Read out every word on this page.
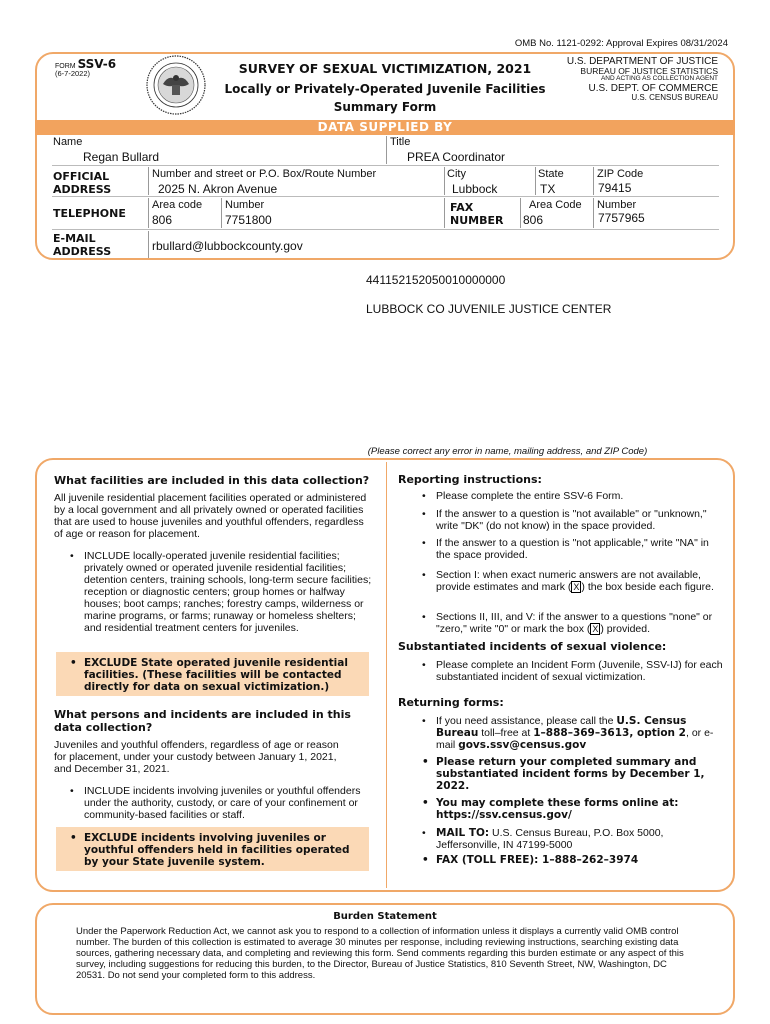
OMB No. 1121-0292: Approval Expires 08/31/2024
FORM SSV-6
(6-7-2022)	SURVEY OF SEXUAL VICTIMIZATION, 2021
Locally or Privately-Operated Juvenile Facilities
Summary Form
U.S. DEPARTMENT OF JUSTICE
BUREAU OF JUSTICE STATISTICS
AND ACTING AS COLLECTION AGENT
U.S. DEPT. OF COMMERCE
U.S. CENSUS BUREAU
DATA SUPPLIED BY
Name
Regan Bullard
Title
PREA Coordinator
OFFICIAL
ADDRESS
Number and street or P.O. Box/Route Number
2025 N. Akron Avenue
City
Lubbock
State
TX
ZIP Code
79415
TELEPHONE
Area code
806
Number
7751800
FAX
NUMBER
Area Code
806
Number
7757965
E-MAIL
ADDRESS	rbullard@lubbockcounty.gov
441152152050010000000
LUBBOCK CO JUVENILE JUSTICE CENTER
(Please correct any error in name, mailing address, and ZIP Code)
What facilities are included in this data collection?
All juvenile residential placement facilities operated or administered by a local government and all privately owned or operated facilities that are used to house juveniles and youthful offenders, regardless of age or reason for placement.
• INCLUDE locally-operated juvenile residential facilities; privately owned or operated juvenile residential facilities; detention centers, training schools, long-term secure facilities; reception or diagnostic centers; group homes or halfway houses; boot camps; ranches; forestry camps, wilderness or marine programs, or farms; runaway or homeless shelters; and residential treatment centers for juveniles.
• EXCLUDE State operated juvenile residential facilities. (These facilities will be contacted directly for data on sexual victimization.)
What persons and incidents are included in this data collection?
Juveniles and youthful offenders, regardless of age or reason for placement, under your custody between January 1, 2021, and December 31, 2021.
• INCLUDE incidents involving juveniles or youthful offenders under the authority, custody, or care of your confinement or community-based facilities or staff.
• EXCLUDE incidents involving juveniles or youthful offenders held in facilities operated by your State juvenile system.
Reporting instructions:
• Please complete the entire SSV-6 Form.
• If the answer to a question is "not available" or "unknown," write "DK" (do not know) in the space provided.
• If the answer to a question is "not applicable," write "NA" in the space provided.
• Section I: when exact numeric answers are not available, provide estimates and mark ( X ) the box beside each figure.
• Sections II, III, and V: if the answer to a questions "none" or "zero," write "0" or mark the box ( X ) provided.
Substantiated incidents of sexual violence:
• Please complete an Incident Form (Juvenile, SSV-IJ) for each substantiated incident of sexual victimization.
Returning forms:
• If you need assistance, please call the U.S. Census Bureau toll–free at 1–888–369–3613, option 2, or e-mail govs.ssv@census.gov
• Please return your completed summary and substantiated incident forms by December 1, 2022.
• You may complete these forms online at: https://ssv.census.gov/
• MAIL TO: U.S. Census Bureau, P.O. Box 5000, Jeffersonville, IN 47199-5000
• FAX (TOLL FREE): 1–888–262–3974
Burden Statement
Under the Paperwork Reduction Act, we cannot ask you to respond to a collection of information unless it displays a currently valid OMB control number. The burden of this collection is estimated to average 30 minutes per response, including reviewing instructions, searching existing data sources, gathering necessary data, and completing and reviewing this form. Send comments regarding this burden estimate or any aspect of this survey, including suggestions for reducing this burden, to the Director, Bureau of Justice Statistics, 810 Seventh Street, NW, Washington, DC 20531. Do not send your completed form to this address.
